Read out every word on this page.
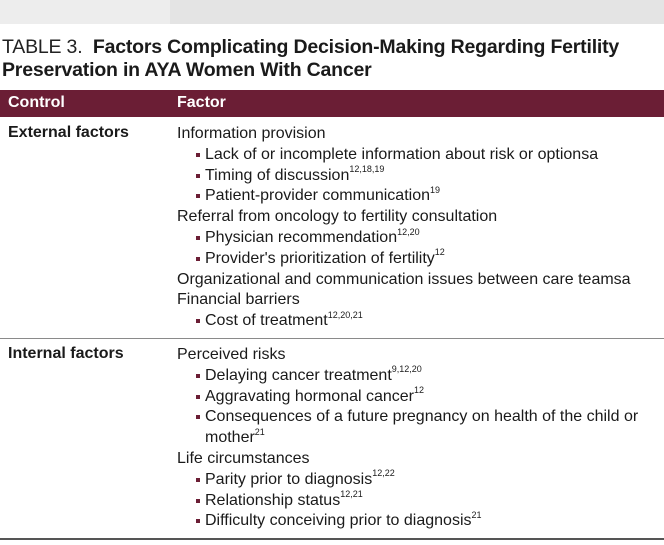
TABLE 3. Factors Complicating Decision-Making Regarding Fertility Preservation in AYA Women With Cancer
Control	Factor
External factors	Information provision
Lack of or incomplete information about risk or optionsa
Timing of discussion$^{12,18,19}$
Patient-provider communication$^{19}$
Referral from oncology to fertility consultation
Physician recommendation$^{12,20}$
Provider's prioritization of fertility$^{12}$
Organizational and communication issues between care teamsa
Financial barriers
Cost of treatment$^{12,20,21}$
Internal factors	Perceived risks
Delaying cancer treatment$^{9,12,20}$
Aggravating hormonal cancer$^{12}$
Consequences of a future pregnancy on health of the child or mother$^{21}$
Life circumstances
Parity prior to diagnosis$^{12,22}$
Relationship status$^{12,21}$
Difficulty conceiving prior to diagnosis$^{21}$
